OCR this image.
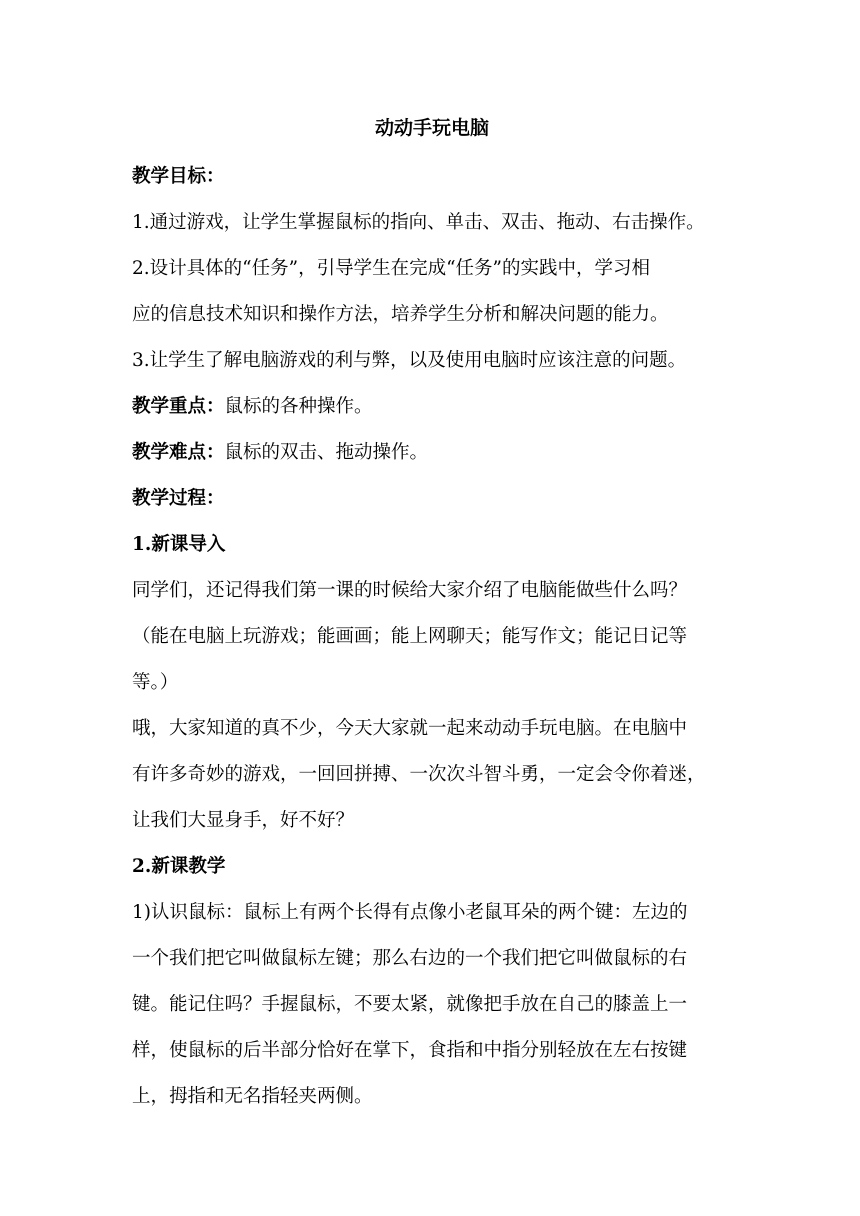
动动手玩电脑
教学目标：
1.通过游戏，让学生掌握鼠标的指向、单击、双击、拖动、右击操作。
2.设计具体的“任务”，引导学生在完成“任务”的实践中，学习相
应的信息技术知识和操作方法，培养学生分析和解决问题的能力。
3.让学生了解电脑游戏的利与弊，以及使用电脑时应该注意的问题。
教学重点：鼠标的各种操作。
教学难点：鼠标的双击、拖动操作。
教学过程：
1.新课导入
同学们，还记得我们第一课的时候给大家介绍了电脑能做些什么吗？
（能在电脑上玩游戏；能画画；能上网聊天；能写作文；能记日记等
等。）
哦，大家知道的真不少，今天大家就一起来动动手玩电脑。在电脑中
有许多奇妙的游戏，一回回拼搏、一次次斗智斗勇，一定会令你着迷，
让我们大显身手，好不好？
2.新课教学
1)认识鼠标：鼠标上有两个长得有点像小老鼠耳朵的两个键：左边的
一个我们把它叫做鼠标左键；那么右边的一个我们把它叫做鼠标的右
键。能记住吗？手握鼠标，不要太紧，就像把手放在自己的膝盖上一
样，使鼠标的后半部分恰好在掌下，食指和中指分别轻放在左右按键
上，拇指和无名指轻夹两侧。
